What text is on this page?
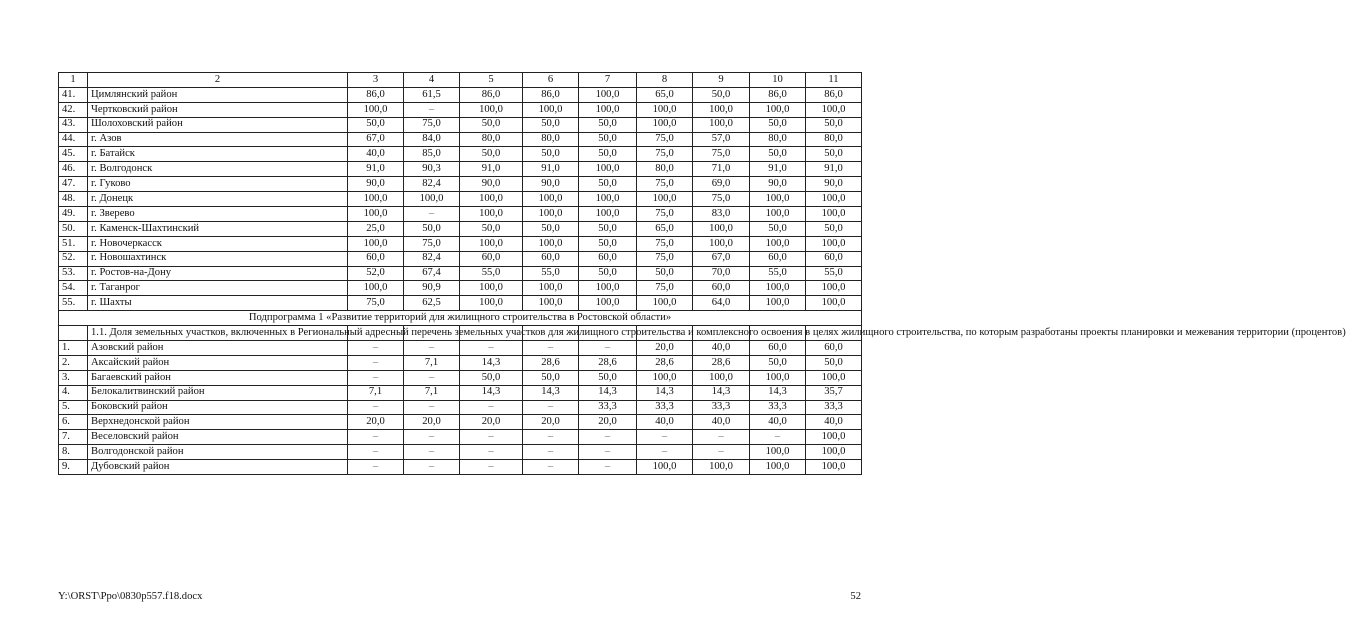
1	2	3	4	5	6	7	8	9	10	11
41.	Цимлянский район	86,0	61,5	86,0	86,0	100,0	65,0	50,0	86,0	86,0
42.	Чертковский район	100,0	–	100,0	100,0	100,0	100,0	100,0	100,0	100,0
43.	Шолоховский район	50,0	75,0	50,0	50,0	50,0	100,0	100,0	50,0	50,0
44.	г. Азов	67,0	84,0	80,0	80,0	50,0	75,0	57,0	80,0	80,0
45.	г. Батайск	40,0	85,0	50,0	50,0	50,0	75,0	75,0	50,0	50,0
46.	г. Волгодонск	91,0	90,3	91,0	91,0	100,0	80,0	71,0	91,0	91,0
47.	г. Гуково	90,0	82,4	90,0	90,0	50,0	75,0	69,0	90,0	90,0
48.	г. Донецк	100,0	100,0	100,0	100,0	100,0	100,0	75,0	100,0	100,0
49.	г. Зверево	100,0	–	100,0	100,0	100,0	75,0	83,0	100,0	100,0
50.	г. Каменск-Шахтинский	25,0	50,0	50,0	50,0	50,0	65,0	100,0	50,0	50,0
51.	г. Новочеркасск	100,0	75,0	100,0	100,0	50,0	75,0	100,0	100,0	100,0
52.	г. Новошахтинск	60,0	82,4	60,0	60,0	60,0	75,0	67,0	60,0	60,0
53.	г. Ростов-на-Дону	52,0	67,4	55,0	55,0	50,0	50,0	70,0	55,0	55,0
54.	г. Таганрог	100,0	90,9	100,0	100,0	100,0	75,0	60,0	100,0	100,0
55.	г. Шахты	75,0	62,5	100,0	100,0	100,0	100,0	64,0	100,0	100,0
Подпрограмма 1 «Развитие территорий для жилищного строительства в Ростовской области»										
	1.1. Доля земельных участков, включенных в Региональный адресный перечень земельных участков для жилищного строительства и комплексного освоения в целях жилищного строительства, по которым разработаны проекты планировки и межевания территории (процентов)									
1.	Азовский район	–	–	–	–	–	20,0	40,0	60,0	60,0
2.	Аксайский район	–	7,1	14,3	28,6	28,6	28,6	28,6	50,0	50,0
3.	Багаевский район	–	–	50,0	50,0	50,0	100,0	100,0	100,0	100,0
4.	Белокалитвинский район	7,1	7,1	14,3	14,3	14,3	14,3	14,3	14,3	35,7
5.	Боковский район	–	–	–	–	33,3	33,3	33,3	33,3	33,3
6.	Верхнедонской район	20,0	20,0	20,0	20,0	20,0	40,0	40,0	40,0	40,0
7.	Веселовский район	–	–	–	–	–	–	–	–	100,0
8.	Волгодонской район	–	–	–	–	–	–	–	100,0	100,0
9.	Дубовский район	–	–	–	–	–	100,0	100,0	100,0	100,0
Y:\ORST\Ppo\0830p557.f18.docx	52
